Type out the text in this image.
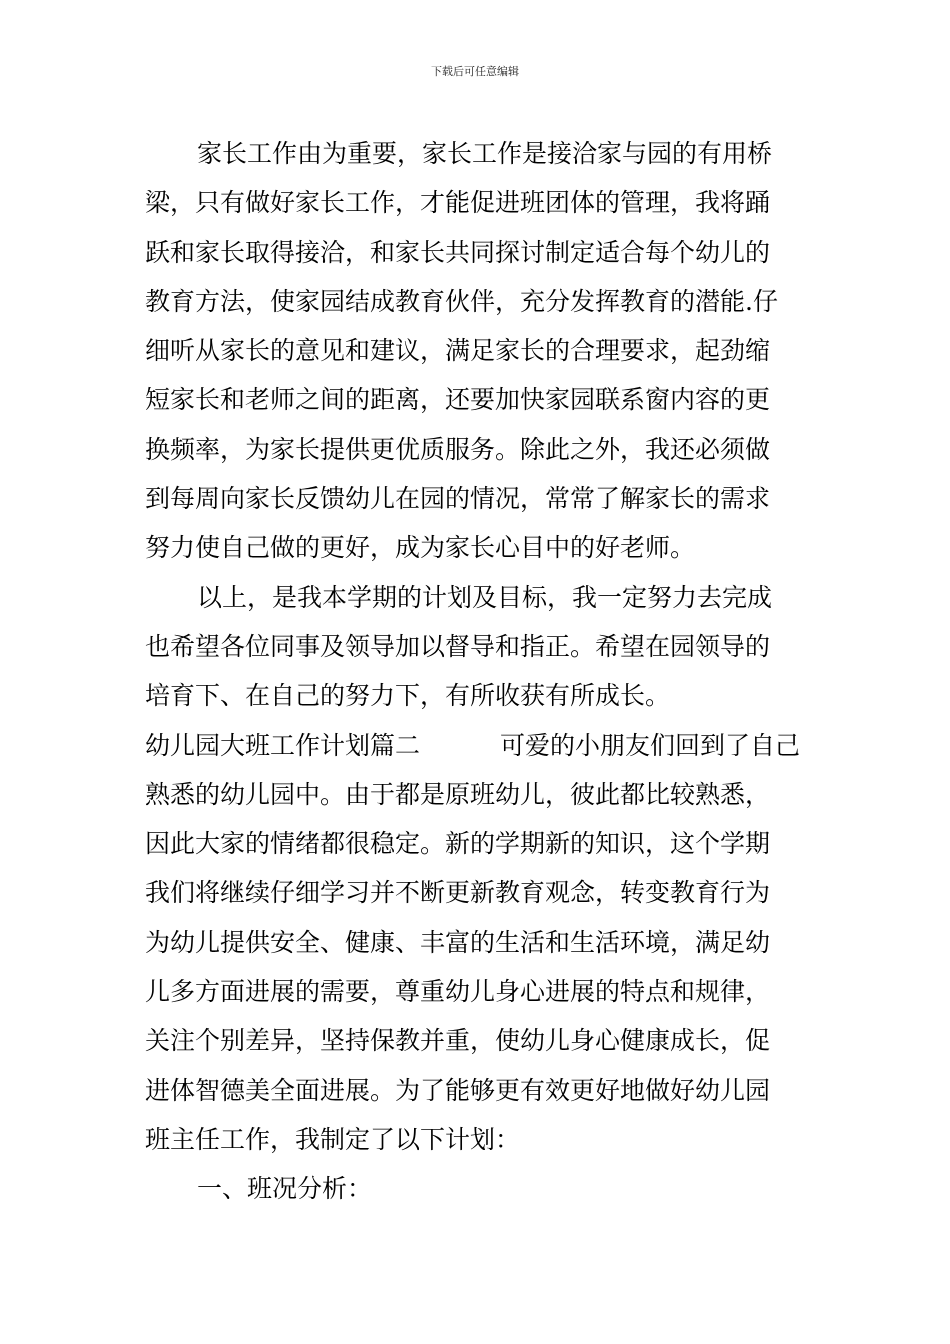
下载后可任意编辑
家长工作由为重要，家长工作是接洽家与园的有用桥
梁，只有做好家长工作，才能促进班团体的管理，我将踊
跃和家长取得接洽，和家长共同探讨制定适合每个幼儿的
教育方法，使家园结成教育伙伴，充分发挥教育的潜能.仔
细听从家长的意见和建议，满足家长的合理要求，起劲缩
短家长和老师之间的距离，还要加快家园联系窗内容的更
换频率，为家长提供更优质服务。除此之外，我还必须做
到每周向家长反馈幼儿在园的情况，常常了解家长的需求
努力使自己做的更好，成为家长心目中的好老师。
以上，是我本学期的计划及目标，我一定努力去完成
也希望各位同事及领导加以督导和指正。希望在园领导的
培育下、在自己的努力下，有所收获有所成长。
幼儿园大班工作计划篇二	可爱的小朋友们回到了自己
熟悉的幼儿园中。由于都是原班幼儿，彼此都比较熟悉，
因此大家的情绪都很稳定。新的学期新的知识，这个学期
我们将继续仔细学习并不断更新教育观念，转变教育行为
为幼儿提供安全、健康、丰富的生活和生活环境，满足幼
儿多方面进展的需要，尊重幼儿身心进展的特点和规律，
关注个别差异，坚持保教并重，使幼儿身心健康成长，促
进体智德美全面进展。为了能够更有效更好地做好幼儿园
班主任工作，我制定了以下计划：
一、班况分析：
